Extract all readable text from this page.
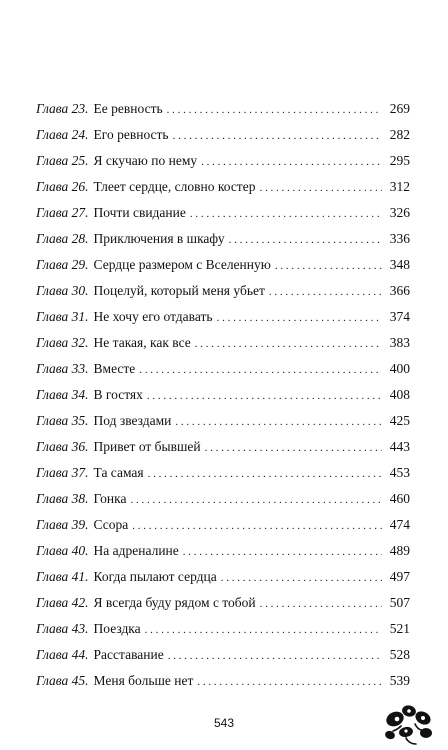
Глава 23. Ее ревность . . .	269
Глава 24. Его ревность . . .	282
Глава 25. Я скучаю по нему . . .	295
Глава 26. Тлеет сердце, словно костер . . .	312
Глава 27. Почти свидание . . .	326
Глава 28. Приключения в шкафу . . .	336
Глава 29. Сердце размером с Вселенную . . .	348
Глава 30. Поцелуй, который меня убьет . . .	366
Глава 31. Не хочу его отдавать . . .	374
Глава 32. Не такая, как все . . .	383
Глава 33. Вместе . . .	400
Глава 34. В гостях . . .	408
Глава 35. Под звездами . . .	425
Глава 36. Привет от бывшей . . .	443
Глава 37. Та самая . . .	453
Глава 38. Гонка . . .	460
Глава 39. Ссора . . .	474
Глава 40. На адреналине . . .	489
Глава 41. Когда пылают сердца . . .	497
Глава 42. Я всегда буду рядом с тобой . . .	507
Глава 43. Поездка . . .	521
Глава 44. Расставание . . .	528
Глава 45. Меня больше нет . . .	539
543
